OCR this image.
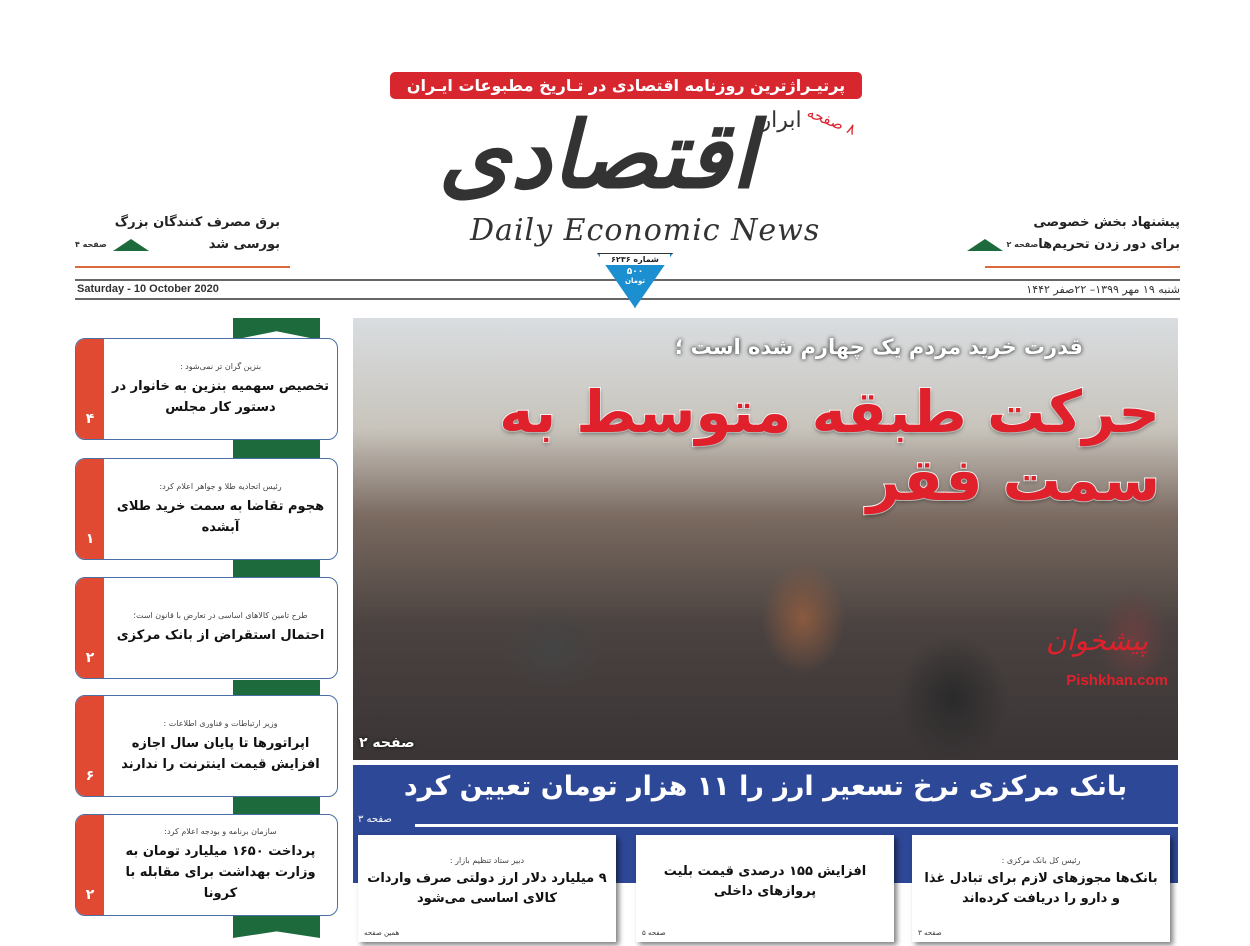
پرتیـراژترین روزنامه اقتصادی در تـاریخ مطبوعات ایـران
ابرار
اقتصادی
Daily Economic News
۸ صفحه
برق مصرف کنندگان بزرگ
بورسی شد
صفحه ۴
پیشنهاد بخش خصوصی
برای دور زدن تحریم‌ها
صفحه ۲
Saturday - 10 October 2020	شنبه ۱۹ مهر ۱۳۹۹– ۲۲صفر ۱۴۴۲
شماره ۶۲۳۶
۵۰۰
تومان
۴
بنزین گران تر نمی‌شود :
تخصیص سهمیه بنزین به خانوار در دستور کار مجلس
۱
رئیس اتحادیه طلا و جواهر اعلام کرد:
هجوم تقاضا به سمت خرید طلای آبشده
۲
طرح تامین کالاهای اساسی در تعارض با قانون است؛
احتمال استقراض از بانک مرکزی
۶
وزیر ارتباطات و فناوری اطلاعات :
اپراتورها تا پایان سال اجازه افزایش قیمت اینترنت را ندارند
۲
سازمان برنامه و بودجه اعلام کرد:
پرداخت ۱۶۵۰ میلیارد تومان به وزارت بهداشت برای مقابله با کرونا
قدرت خرید مردم یک چهارم شده است ؛
حرکت طبقه متوسط به سمت فقر
صفحه ۲
پیشخوان
Pishkhan.com
بانک مرکزی نرخ تسعیر ارز را ۱۱ هزار تومان تعیین کرد
صفحه ۳
دبیر ستاد تنظیم بازار :
۹ میلیارد دلار ارز دولتی صرف واردات کالای اساسی می‌شود
همین صفحه
افزایش ۱۵۵ درصدی قیمت بلیت پروازهای داخلی
صفحه ۵
رئیس کل بانک مرکزی :
بانک‌ها مجوزهای لازم برای تبادل غذا و دارو را دریافت کرده‌اند
صفحه ۳
